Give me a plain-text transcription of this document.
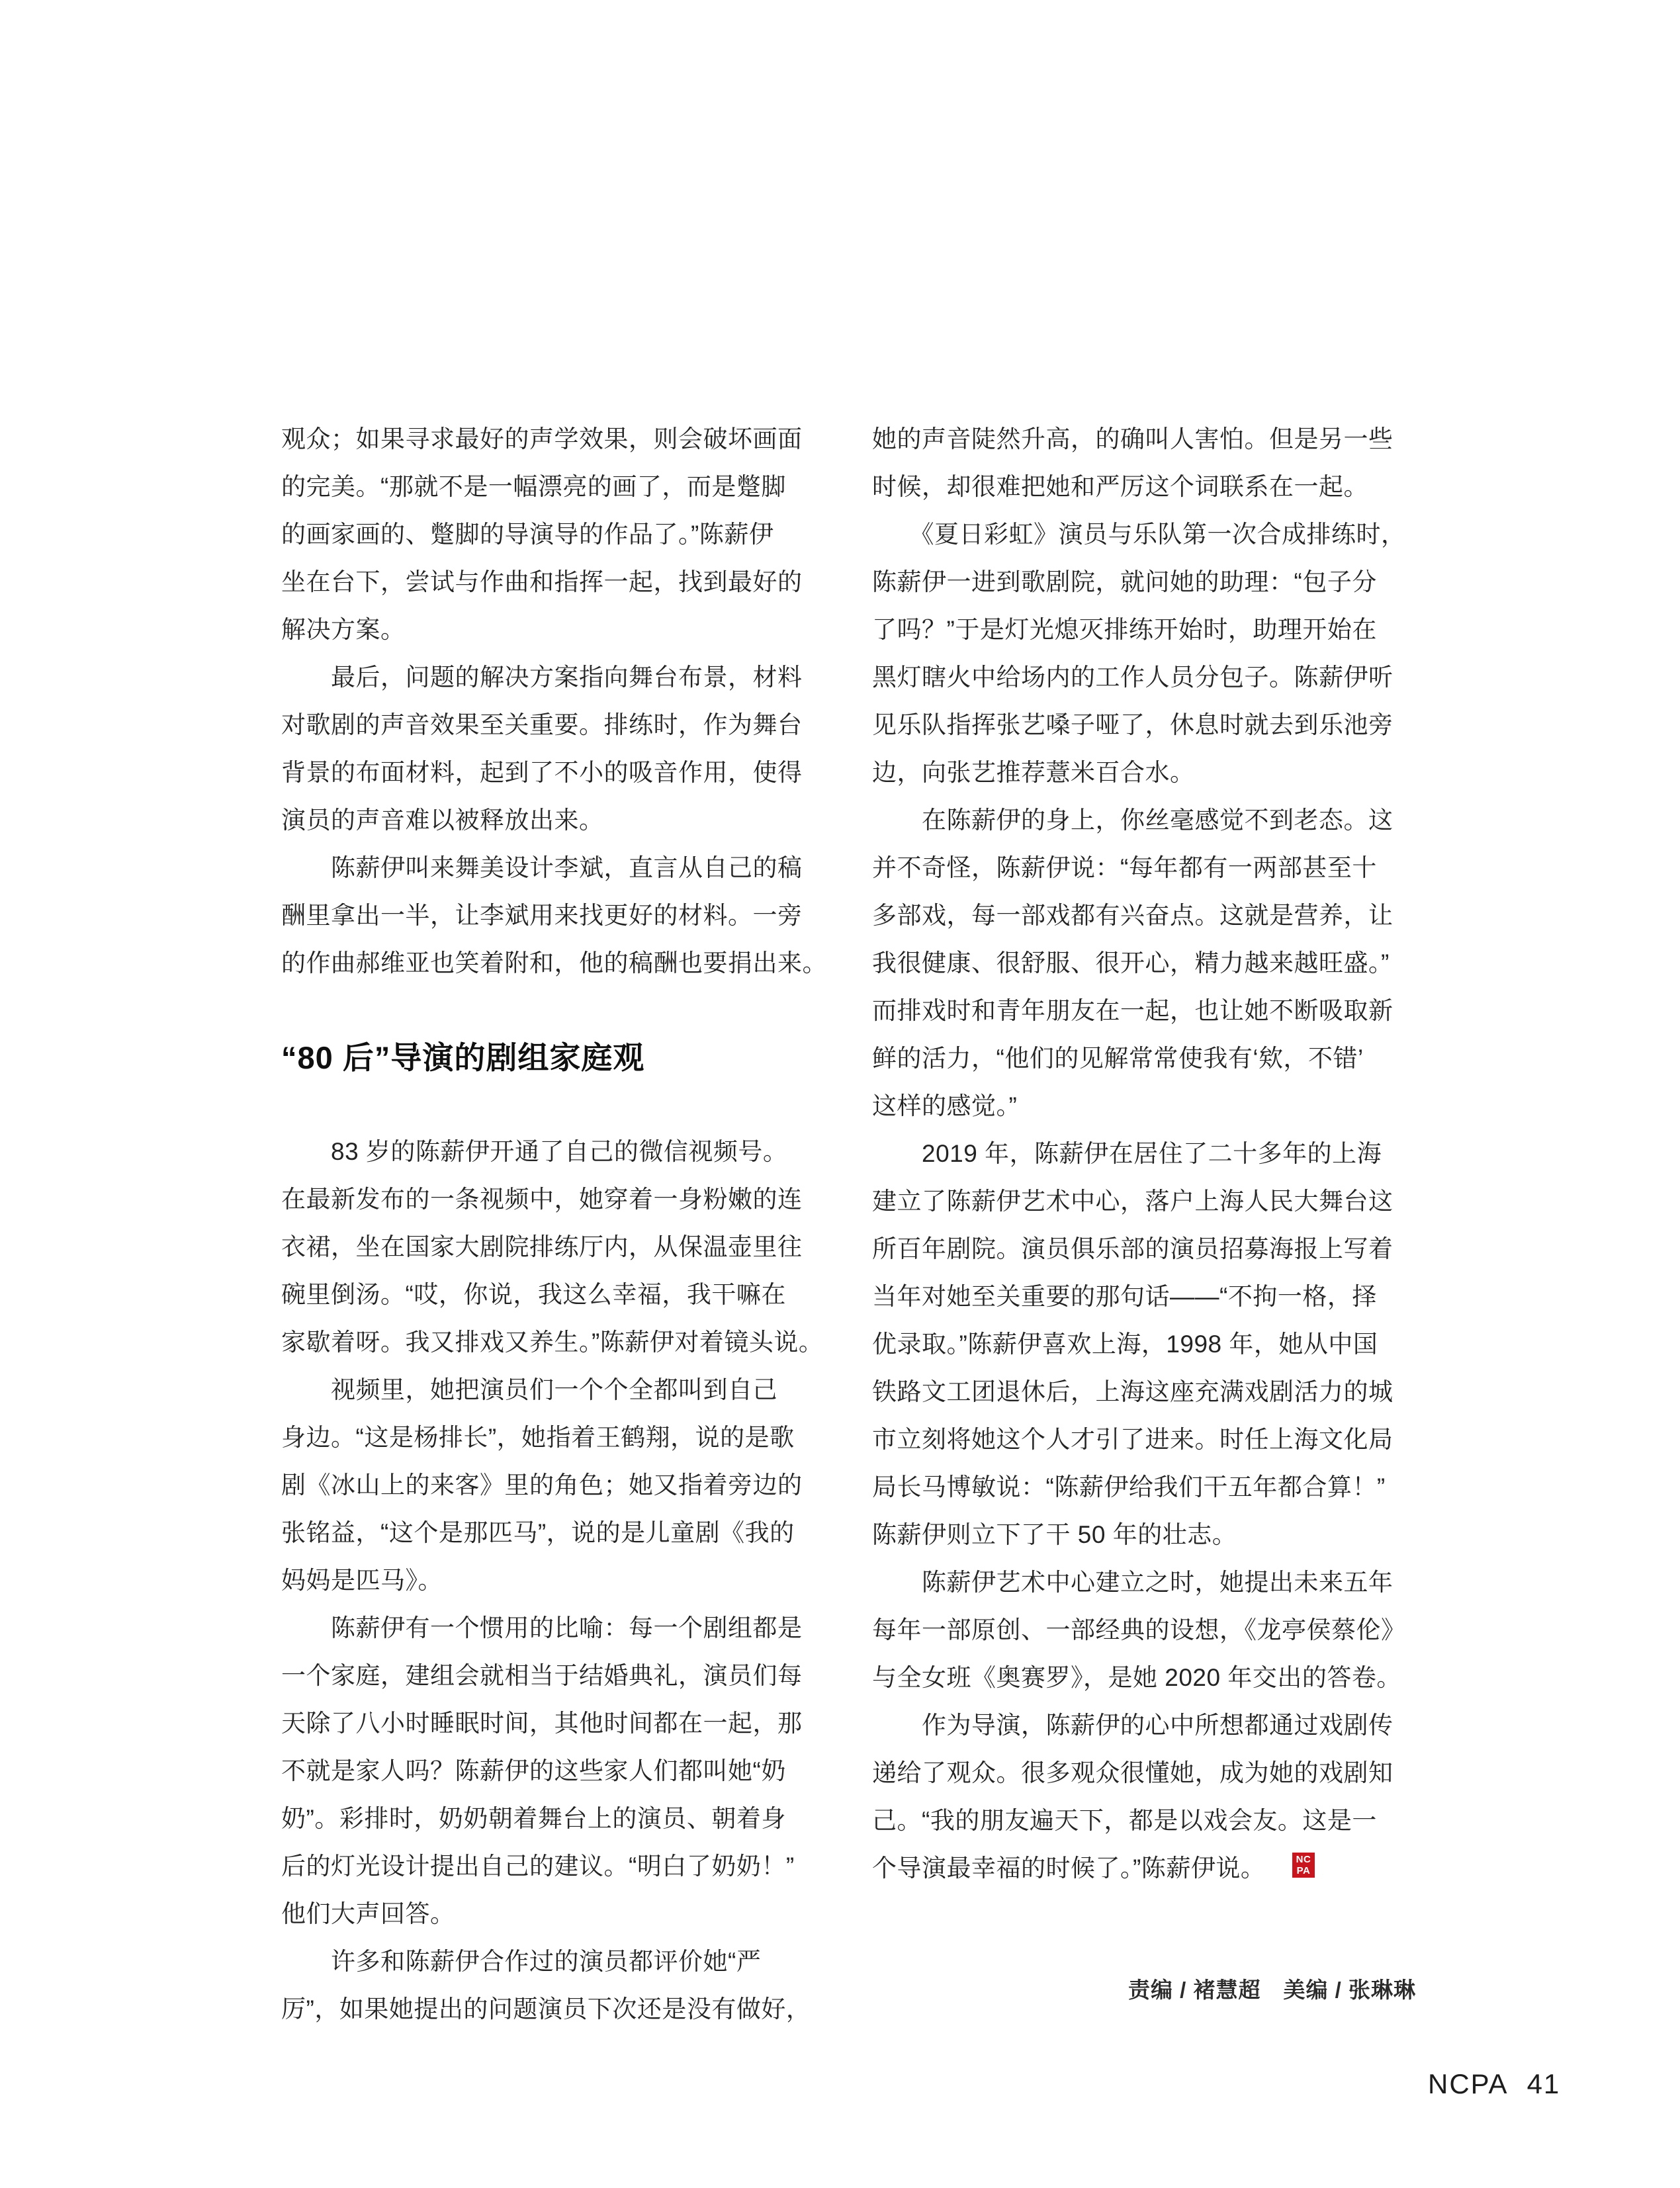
观众；如果寻求最好的声学效果，则会破坏画面
的完美。“那就不是一幅漂亮的画了，而是蹩脚
的画家画的、蹩脚的导演导的作品了。”陈薪伊
坐在台下，尝试与作曲和指挥一起，找到最好的
解决方案。
　　最后，问题的解决方案指向舞台布景，材料
对歌剧的声音效果至关重要。排练时，作为舞台
背景的布面材料，起到了不小的吸音作用，使得
演员的声音难以被释放出来。
　　陈薪伊叫来舞美设计李斌，直言从自己的稿
酬里拿出一半，让李斌用来找更好的材料。一旁
的作曲郝维亚也笑着附和，他的稿酬也要捐出来。
“80 后”导演的剧组家庭观
　　83 岁的陈薪伊开通了自己的微信视频号。
在最新发布的一条视频中，她穿着一身粉嫩的连
衣裙，坐在国家大剧院排练厅内，从保温壶里往
碗里倒汤。“哎，你说，我这么幸福，我干嘛在
家歇着呀。我又排戏又养生。”陈薪伊对着镜头说。
　　视频里，她把演员们一个个全都叫到自己
身边。“这是杨排长”，她指着王鹤翔，说的是歌
剧《冰山上的来客》里的角色；她又指着旁边的
张铭益，“这个是那匹马”，说的是儿童剧《我的
妈妈是匹马》。
　　陈薪伊有一个惯用的比喻：每一个剧组都是
一个家庭，建组会就相当于结婚典礼，演员们每
天除了八小时睡眠时间，其他时间都在一起，那
不就是家人吗？陈薪伊的这些家人们都叫她“奶
奶”。彩排时，奶奶朝着舞台上的演员、朝着身
后的灯光设计提出自己的建议。“明白了奶奶！”
他们大声回答。
　　许多和陈薪伊合作过的演员都评价她“严
厉”，如果她提出的问题演员下次还是没有做好，
她的声音陡然升高，的确叫人害怕。但是另一些
时候，却很难把她和严厉这个词联系在一起。
　　《夏日彩虹》演员与乐队第一次合成排练时，
陈薪伊一进到歌剧院，就问她的助理：“包子分
了吗？”于是灯光熄灭排练开始时，助理开始在
黑灯瞎火中给场内的工作人员分包子。陈薪伊听
见乐队指挥张艺嗓子哑了，休息时就去到乐池旁
边，向张艺推荐薏米百合水。
　　在陈薪伊的身上，你丝毫感觉不到老态。这
并不奇怪，陈薪伊说：“每年都有一两部甚至十
多部戏，每一部戏都有兴奋点。这就是营养，让
我很健康、很舒服、很开心，精力越来越旺盛。”
而排戏时和青年朋友在一起，也让她不断吸取新
鲜的活力，“他们的见解常常使我有‘欸，不错’
这样的感觉。”
　　2019 年，陈薪伊在居住了二十多年的上海
建立了陈薪伊艺术中心，落户上海人民大舞台这
所百年剧院。演员俱乐部的演员招募海报上写着
当年对她至关重要的那句话——“不拘一格，择
优录取。”陈薪伊喜欢上海，1998 年，她从中国
铁路文工团退休后，上海这座充满戏剧活力的城
市立刻将她这个人才引了进来。时任上海文化局
局长马博敏说：“陈薪伊给我们干五年都合算！”
陈薪伊则立下了干 50 年的壮志。
　　陈薪伊艺术中心建立之时，她提出未来五年
每年一部原创、一部经典的设想，《龙亭侯蔡伦》
与全女班《奥赛罗》，是她 2020 年交出的答卷。
　　作为导演，陈薪伊的心中所想都通过戏剧传
递给了观众。很多观众很懂她，成为她的戏剧知
己。“我的朋友遍天下，都是以戏会友。这是一
个导演最幸福的时候了。”陈薪伊说。	NC
PA
责编 / 褚慧超　美编 / 张琳琳
NCPA 41
